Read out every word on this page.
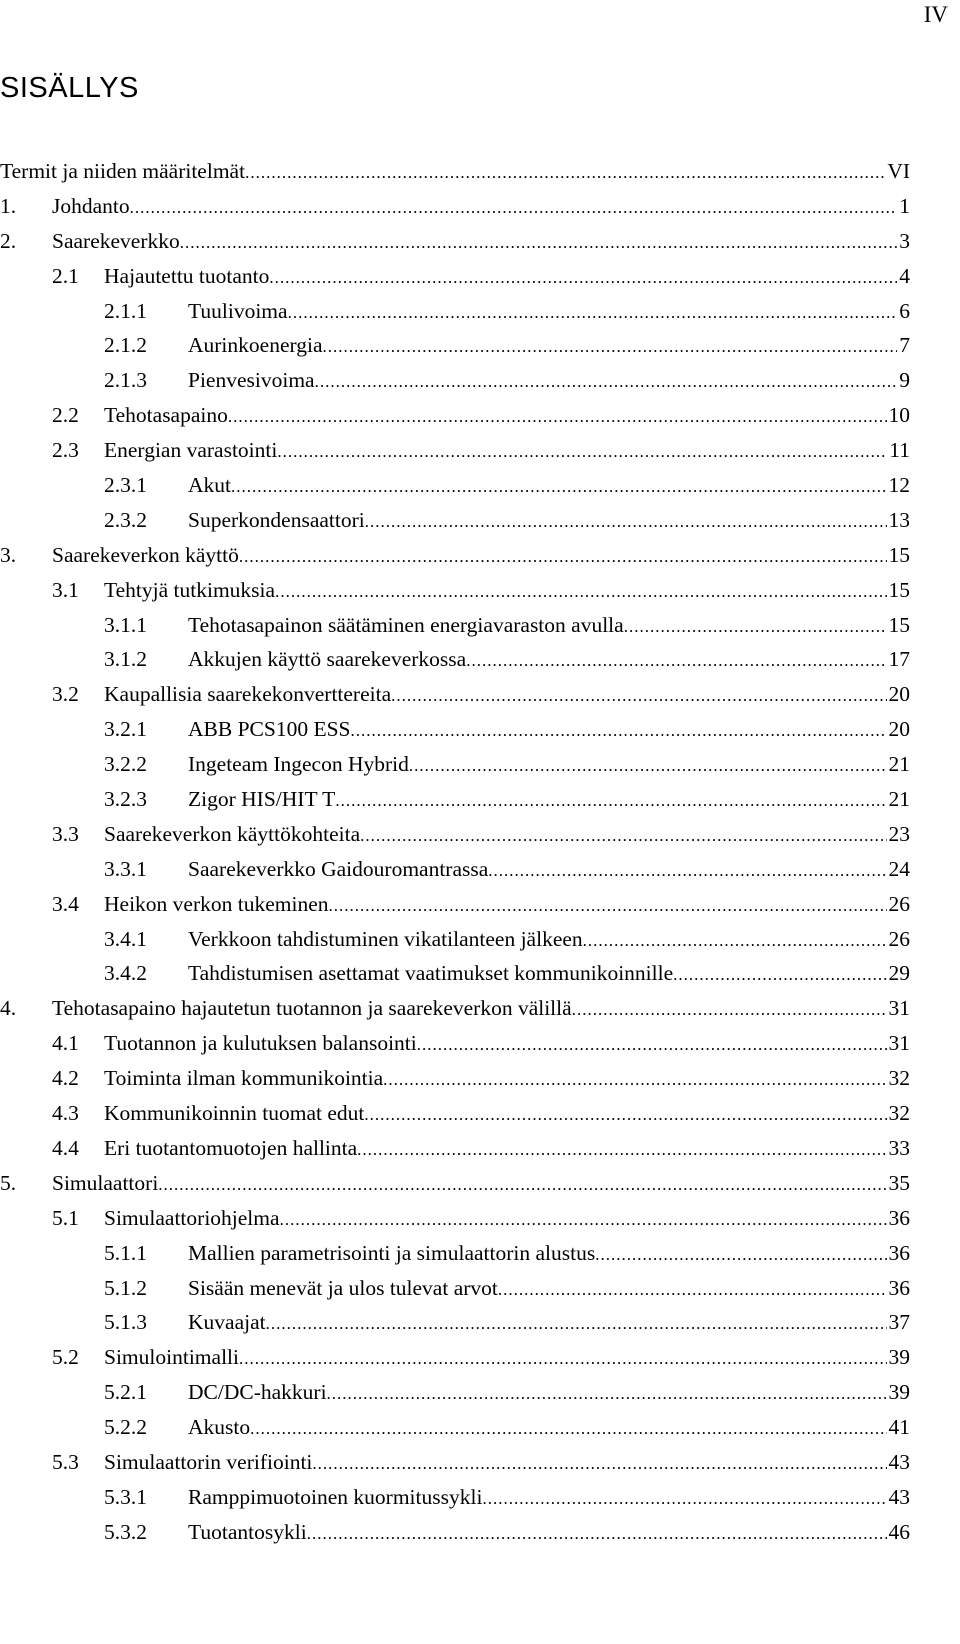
IV
SISÄLLYS
Termit ja niiden määritelmät .....	VI
1. Johdanto .....	1
2. Saarekeverkko .....	3
2.1 Hajautettu tuotanto .....	4
2.1.1 Tuulivoima .....	6
2.1.2 Aurinkoenergia .....	7
2.1.3 Pienvesivoima .....	9
2.2 Tehotasapaino .....	10
2.3 Energian varastointi .....	11
2.3.1 Akut .....	12
2.3.2 Superkondensaattori .....	13
3. Saarekeverkon käyttö .....	15
3.1 Tehtyjä tutkimuksia .....	15
3.1.1 Tehotasapainon säätäminen energiavaraston avulla .....	15
3.1.2 Akkujen käyttö saarekeverkossa .....	17
3.2 Kaupallisia saarekekonverttereita .....	20
3.2.1 ABB PCS100 ESS .....	20
3.2.2 Ingeteam Ingecon Hybrid .....	21
3.2.3 Zigor HIS/HIT T .....	21
3.3 Saarekeverkon käyttökohteita .....	23
3.3.1 Saarekeverkko Gaidouromantrassa .....	24
3.4 Heikon verkon tukeminen .....	26
3.4.1 Verkkoon tahdistuminen vikatilanteen jälkeen .....	26
3.4.2 Tahdistumisen asettamat vaatimukset kommunikoinnille .....	29
4. Tehotasapaino hajautetun tuotannon ja saarekeverkon välillä .....	31
4.1 Tuotannon ja kulutuksen balansointi .....	31
4.2 Toiminta ilman kommunikointia .....	32
4.3 Kommunikoinnin tuomat edut .....	32
4.4 Eri tuotantomuotojen hallinta .....	33
5. Simulaattori .....	35
5.1 Simulaattoriohjelma .....	36
5.1.1 Mallien parametrisointi ja simulaattorin alustus .....	36
5.1.2 Sisään menevät ja ulos tulevat arvot .....	36
5.1.3 Kuvaajat .....	37
5.2 Simulointimalli .....	39
5.2.1 DC/DC-hakkuri .....	39
5.2.2 Akusto .....	41
5.3 Simulaattorin verifiointi .....	43
5.3.1 Ramppimuotoinen kuormitussykli .....	43
5.3.2 Tuotantosykli .....	46
